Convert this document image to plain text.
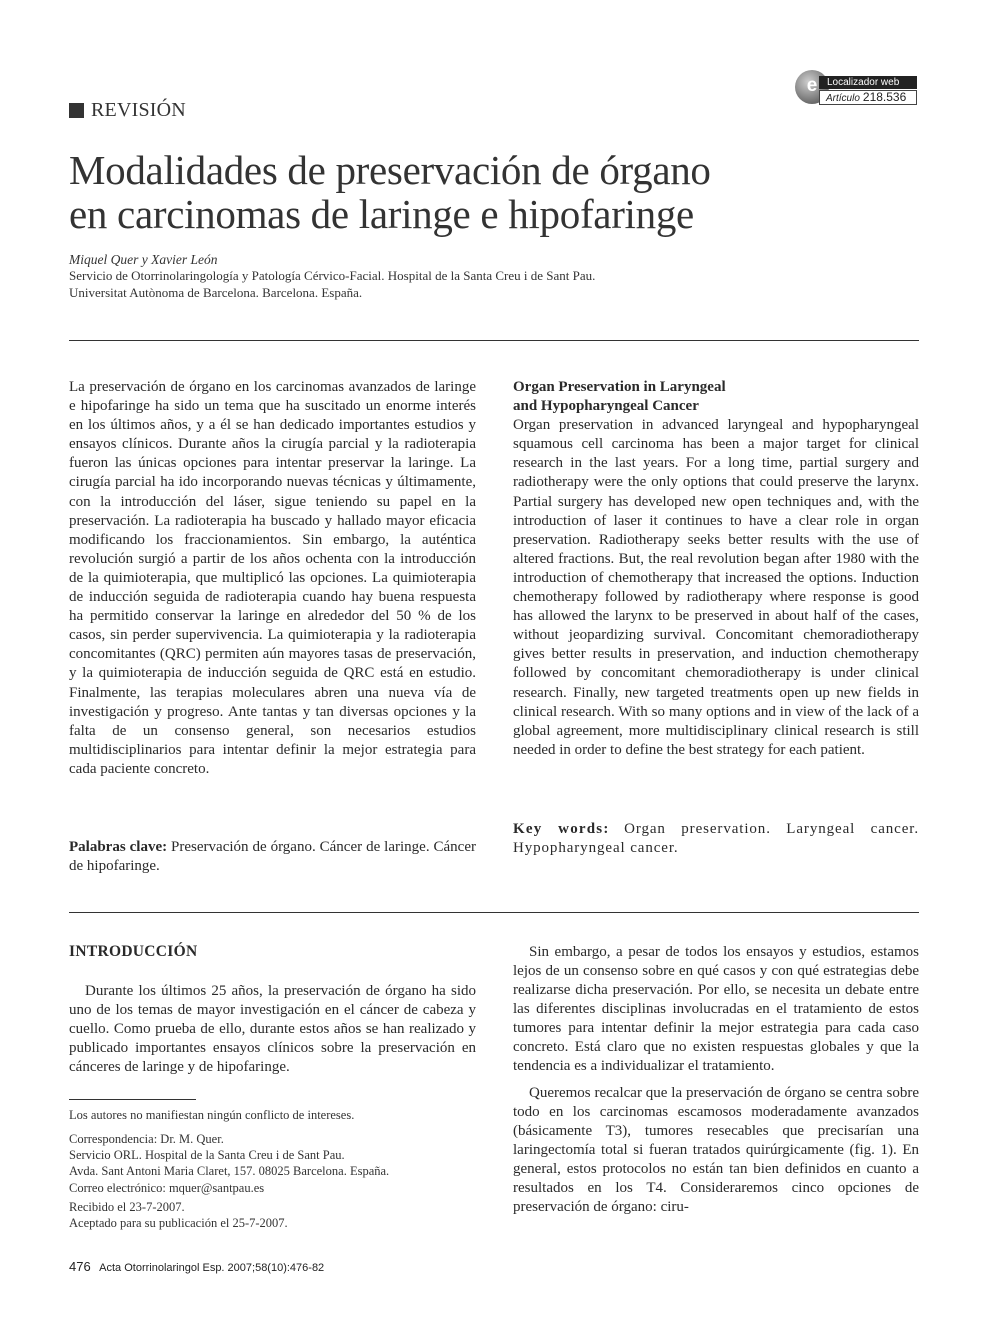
REVISIÓN
e Localizador web
Artículo 218.536
Modalidades de preservación de órgano
en carcinomas de laringe e hipofaringe
Miquel Quer y Xavier León
Servicio de Otorrinolaringología y Patología Cérvico-Facial. Hospital de la Santa Creu i de Sant Pau.
Universitat Autònoma de Barcelona. Barcelona. España.

La preservación de órgano en los carcinomas avanzados de laringe e hipofaringe ha sido un tema que ha suscitado un enorme interés en los últimos años, y a él se han dedicado importantes estudios y ensayos clínicos. Durante años la cirugía parcial y la radioterapia fueron las únicas opciones para intentar preservar la laringe. La cirugía parcial ha ido incorporando nuevas técnicas y últimamente, con la introducción del láser, sigue teniendo su papel en la preservación. La radioterapia ha buscado y hallado mayor eficacia modificando los fraccionamientos. Sin embargo, la auténtica revolución surgió a partir de los años ochenta con la introducción de la quimioterapia, que multiplicó las opciones. La quimioterapia de inducción seguida de radioterapia cuando hay buena respuesta ha permitido conservar la laringe en alrededor del 50 % de los casos, sin perder supervivencia. La quimioterapia y la radioterapia concomitantes (QRC) permiten aún mayores tasas de preservación, y la quimioterapia de inducción seguida de QRC está en estudio. Finalmente, las terapias moleculares abren una nueva vía de investigación y progreso. Ante tantas y tan diversas opciones y la falta de un consenso general, son necesarios estudios multidisciplinarios para intentar definir la mejor estrategia para cada paciente concreto.

Palabras clave: Preservación de órgano. Cáncer de laringe. Cáncer de hipofaringe.
Organ Preservation in Laryngeal
and Hypopharyngeal Cancer

Organ preservation in advanced laryngeal and hypopharyngeal squamous cell carcinoma has been a major target for clinical research in the last years. For a long time, partial surgery and radiotherapy were the only options that could preserve the larynx. Partial surgery has developed new open techniques and, with the introduction of laser it continues to have a clear role in organ preservation. Radiotherapy seeks better results with the use of altered fractions. But, the real revolution began after 1980 with the introduction of chemotherapy that increased the options. Induction chemotherapy followed by radiotherapy where response is good has allowed the larynx to be preserved in about half of the cases, without jeopardizing survival. Concomitant chemoradiotherapy gives better results in preservation, and induction chemotherapy followed by concomitant chemoradiotherapy is under clinical research. Finally, new targeted treatments open up new fields in clinical research. With so many options and in view of the lack of a global agreement, more multidisciplinary clinical research is still needed in order to define the best strategy for each patient.

Key words: Organ preservation. Laryngeal cancer. Hypopharyngeal cancer.
INTRODUCCIÓN

Durante los últimos 25 años, la preservación de órgano ha sido uno de los temas de mayor investigación en el cáncer de cabeza y cuello. Como prueba de ello, durante estos años se han realizado y publicado importantes ensayos clínicos sobre la preservación en cánceres de laringe y de hipofaringe.

Los autores no manifiestan ningún conflicto de intereses.
Correspondencia: Dr. M. Quer.
Servicio ORL. Hospital de la Santa Creu i de Sant Pau.
Avda. Sant Antoni Maria Claret, 157. 08025 Barcelona. España.
Correo electrónico: mquer@santpau.es
Recibido el 23-7-2007.
Aceptado para su publicación el 25-7-2007.

Sin embargo, a pesar de todos los ensayos y estudios, estamos lejos de un consenso sobre en qué casos y con qué estrategias debe realizarse dicha preservación. Por ello, se necesita un debate entre las diferentes disciplinas involucradas en el tratamiento de estos tumores para intentar definir la mejor estrategia para cada caso concreto. Está claro que no existen respuestas globales y que la tendencia es a individualizar el tratamiento.

Queremos recalcar que la preservación de órgano se centra sobre todo en los carcinomas escamosos moderadamente avanzados (básicamente T3), tumores resecables que precisarían una laringectomía total si fueran tratados quirúrgicamente (fig. 1). En general, estos protocolos no están tan bien definidos en cuanto a resultados en los T4. Consideraremos cinco opciones de preservación de órgano: ciru-

476 Acta Otorrinolaringol Esp. 2007;58(10):476-82
